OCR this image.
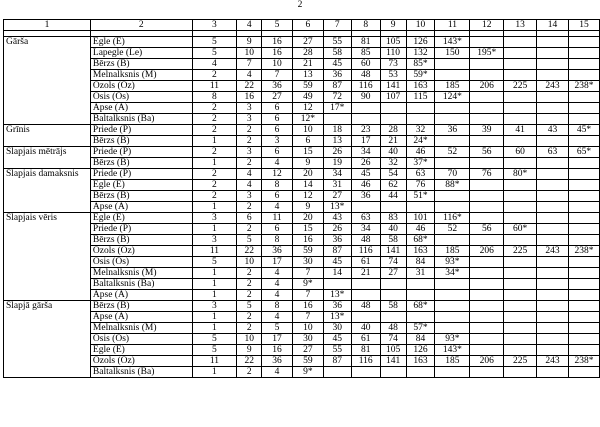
2
1	2	3	4	5	6	7	8	9	10	11	12	13	14	15

Gārša	Egle (E)	5	9	16	27	55	81	105	126	143*				
	Lapegle (Le)	5	10	16	28	58	85	110	132	150	195*			
	Bērzs (B)	4	7	10	21	45	60	73	85*					
	Melnalksnis (M)	2	4	7	13	36	48	53	59*					
	Ozols (Oz)	11	22	36	59	87	116	141	163	185	206	225	243	238*
	Osis (Os)	8	16	27	49	72	90	107	115	124*				
	Apse (A)	2	3	6	12	17*								
	Baltalksnis (Ba)	2	3	6	12*									
Grīnis	Priede (P)	2	2	6	10	18	23	28	32	36	39	41	43	45*
	Bērzs (B)	1	2	3	6	13	17	21	24*					
Slapjais mētrājs	Priede (P)	2	3	6	15	26	34	40	46	52	56	60	63	65*
	Bērzs (B)	1	2	4	9	19	26	32	37*					
Slapjais damaksnis	Priede (P)	2	4	12	20	34	45	54	63	70	76	80*		
	Egle (E)	2	4	8	14	31	46	62	76	88*				
	Bērzs (B)	2	3	6	12	27	36	44	51*					
	Apse (A)	1	2	4	9	13*								
Slapjais vēris	Egle (E)	3	6	11	20	43	63	83	101	116*				
	Priede (P)	1	2	6	15	26	34	40	46	52	56	60*		
	Bērzs (B)	3	5	8	16	36	48	58	68*					
	Ozols (Oz)	11	22	36	59	87	116	141	163	185	206	225	243	238*
	Osis (Os)	5	10	17	30	45	61	74	84	93*				
	Melnalksnis (M)	1	2	4	7	14	21	27	31	34*				
	Baltalksnis (Ba)	1	2	4	9*									
	Apse (A)	1	2	4	7	13*								
Slapjā gārša	Bērzs (B)	3	5	8	16	36	48	58	68*					
	Apse (A)	1	2	4	7	13*								
	Melnalksnis (M)	1	2	5	10	30	40	48	57*					
	Osis (Os)	5	10	17	30	45	61	74	84	93*				
	Egle (E)	5	9	16	27	55	81	105	126	143*				
	Ozols (Oz)	11	22	36	59	87	116	141	163	185	206	225	243	238*
	Baltalksnis (Ba)	1	2	4	9*									
